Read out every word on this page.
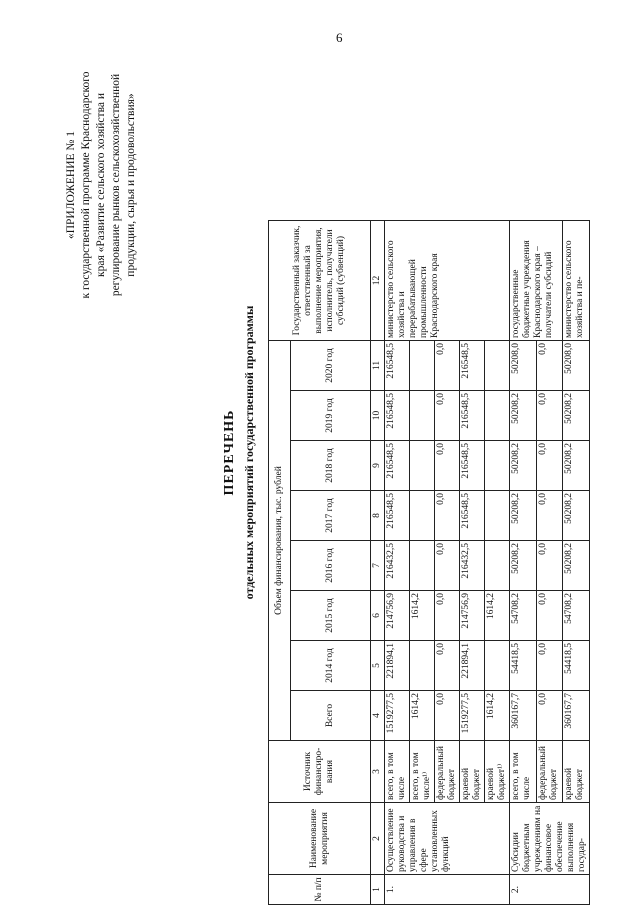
6
«ПРИЛОЖЕНИЕ № 1 к государственной программе Краснодарского края «Развитие сельского хозяйства и регулирование рынков сельскохозяйственной продукции, сырья и продовольствия»
ПЕРЕЧЕНЬ отдельных мероприятий государственной программы
№ п/п	Наименование мероприятия	Источник финансиро-вания	Объем финансирования, тыс. рублей								Государственный заказчик, ответственный за выполнение мероприятия, исполнитель, получатели субсидий (субвенций)
			Всего	2014 год	2015 год	2016 год	2017 год	2018 год	2019 год	2020 год	
1	2	3	4	5	6	7	8	9	10	11	12
1.	Осуществление руководства и управления в сфере установленных функций	всего, в том числе	1519277,5	221894,1	214756,9	216432,5	216548,5	216548,5	216548,5	216548,5	министерство сельского хозяйства и перерабатывающей промышленности Краснодарского края
		всего, в том числе¹⁾	1614,2		1614,2						
		федеральный бюджет	0,0	0,0	0,0	0,0	0,0	0,0	0,0	0,0	
		краевой бюджет	1519277,5	221894,1	214756,9	216432,5	216548,5	216548,5	216548,5	216548,5	
		краевой бюджет¹⁾	1614,2		1614,2						
2.	Субсидии бюджетным учреждениям на финансовое обеспечение выполнения государ-	всего, в том числе	360167,7	54418,5	54708,2	50208,2	50208,2	50208,2	50208,2	50208,0	государственные бюджетные учреждения Краснодарского края – получатели субсидий
		федеральный бюджет	0,0	0,0	0,0	0,0	0,0	0,0	0,0	0,0	
		краевой бюджет	360167,7	54418,5	54708,2	50208,2	50208,2	50208,2	50208,2	50208,0	министерство сельского хозяйства и пе-
